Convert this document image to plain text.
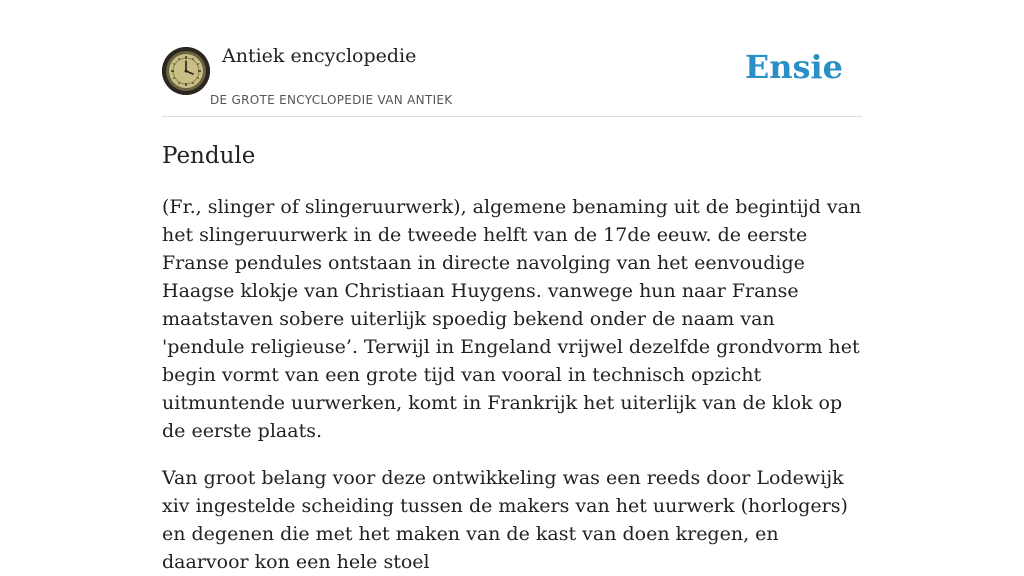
Antiek encyclopedie
DE GROTE ENCYCLOPEDIE VAN ANTIEK
Ensie
Pendule

(Fr., slinger of slingeruurwerk), algemene benaming uit de begintijd van het slingeruurwerk in de tweede helft van de 17de eeuw. de eerste Franse pendules ontstaan in directe navolging van het eenvoudige Haagse klokje van Christiaan Huygens. vanwege hun naar Franse maatstaven sobere uiterlijk spoedig bekend onder de naam van 'pendule religieuse’. Terwijl in Engeland vrijwel dezelfde grondvorm het begin vormt van een grote tijd van vooral in technisch opzicht uitmuntende uurwerken, komt in Frankrijk het uiterlijk van de klok op de eerste plaats.

Van groot belang voor deze ontwikkeling was een reeds door Lodewijk xiv ingestelde scheiding tussen de makers van het uurwerk (horlogers) en degenen die met het maken van de kast van doen kregen, en daarvoor kon een hele stoel
